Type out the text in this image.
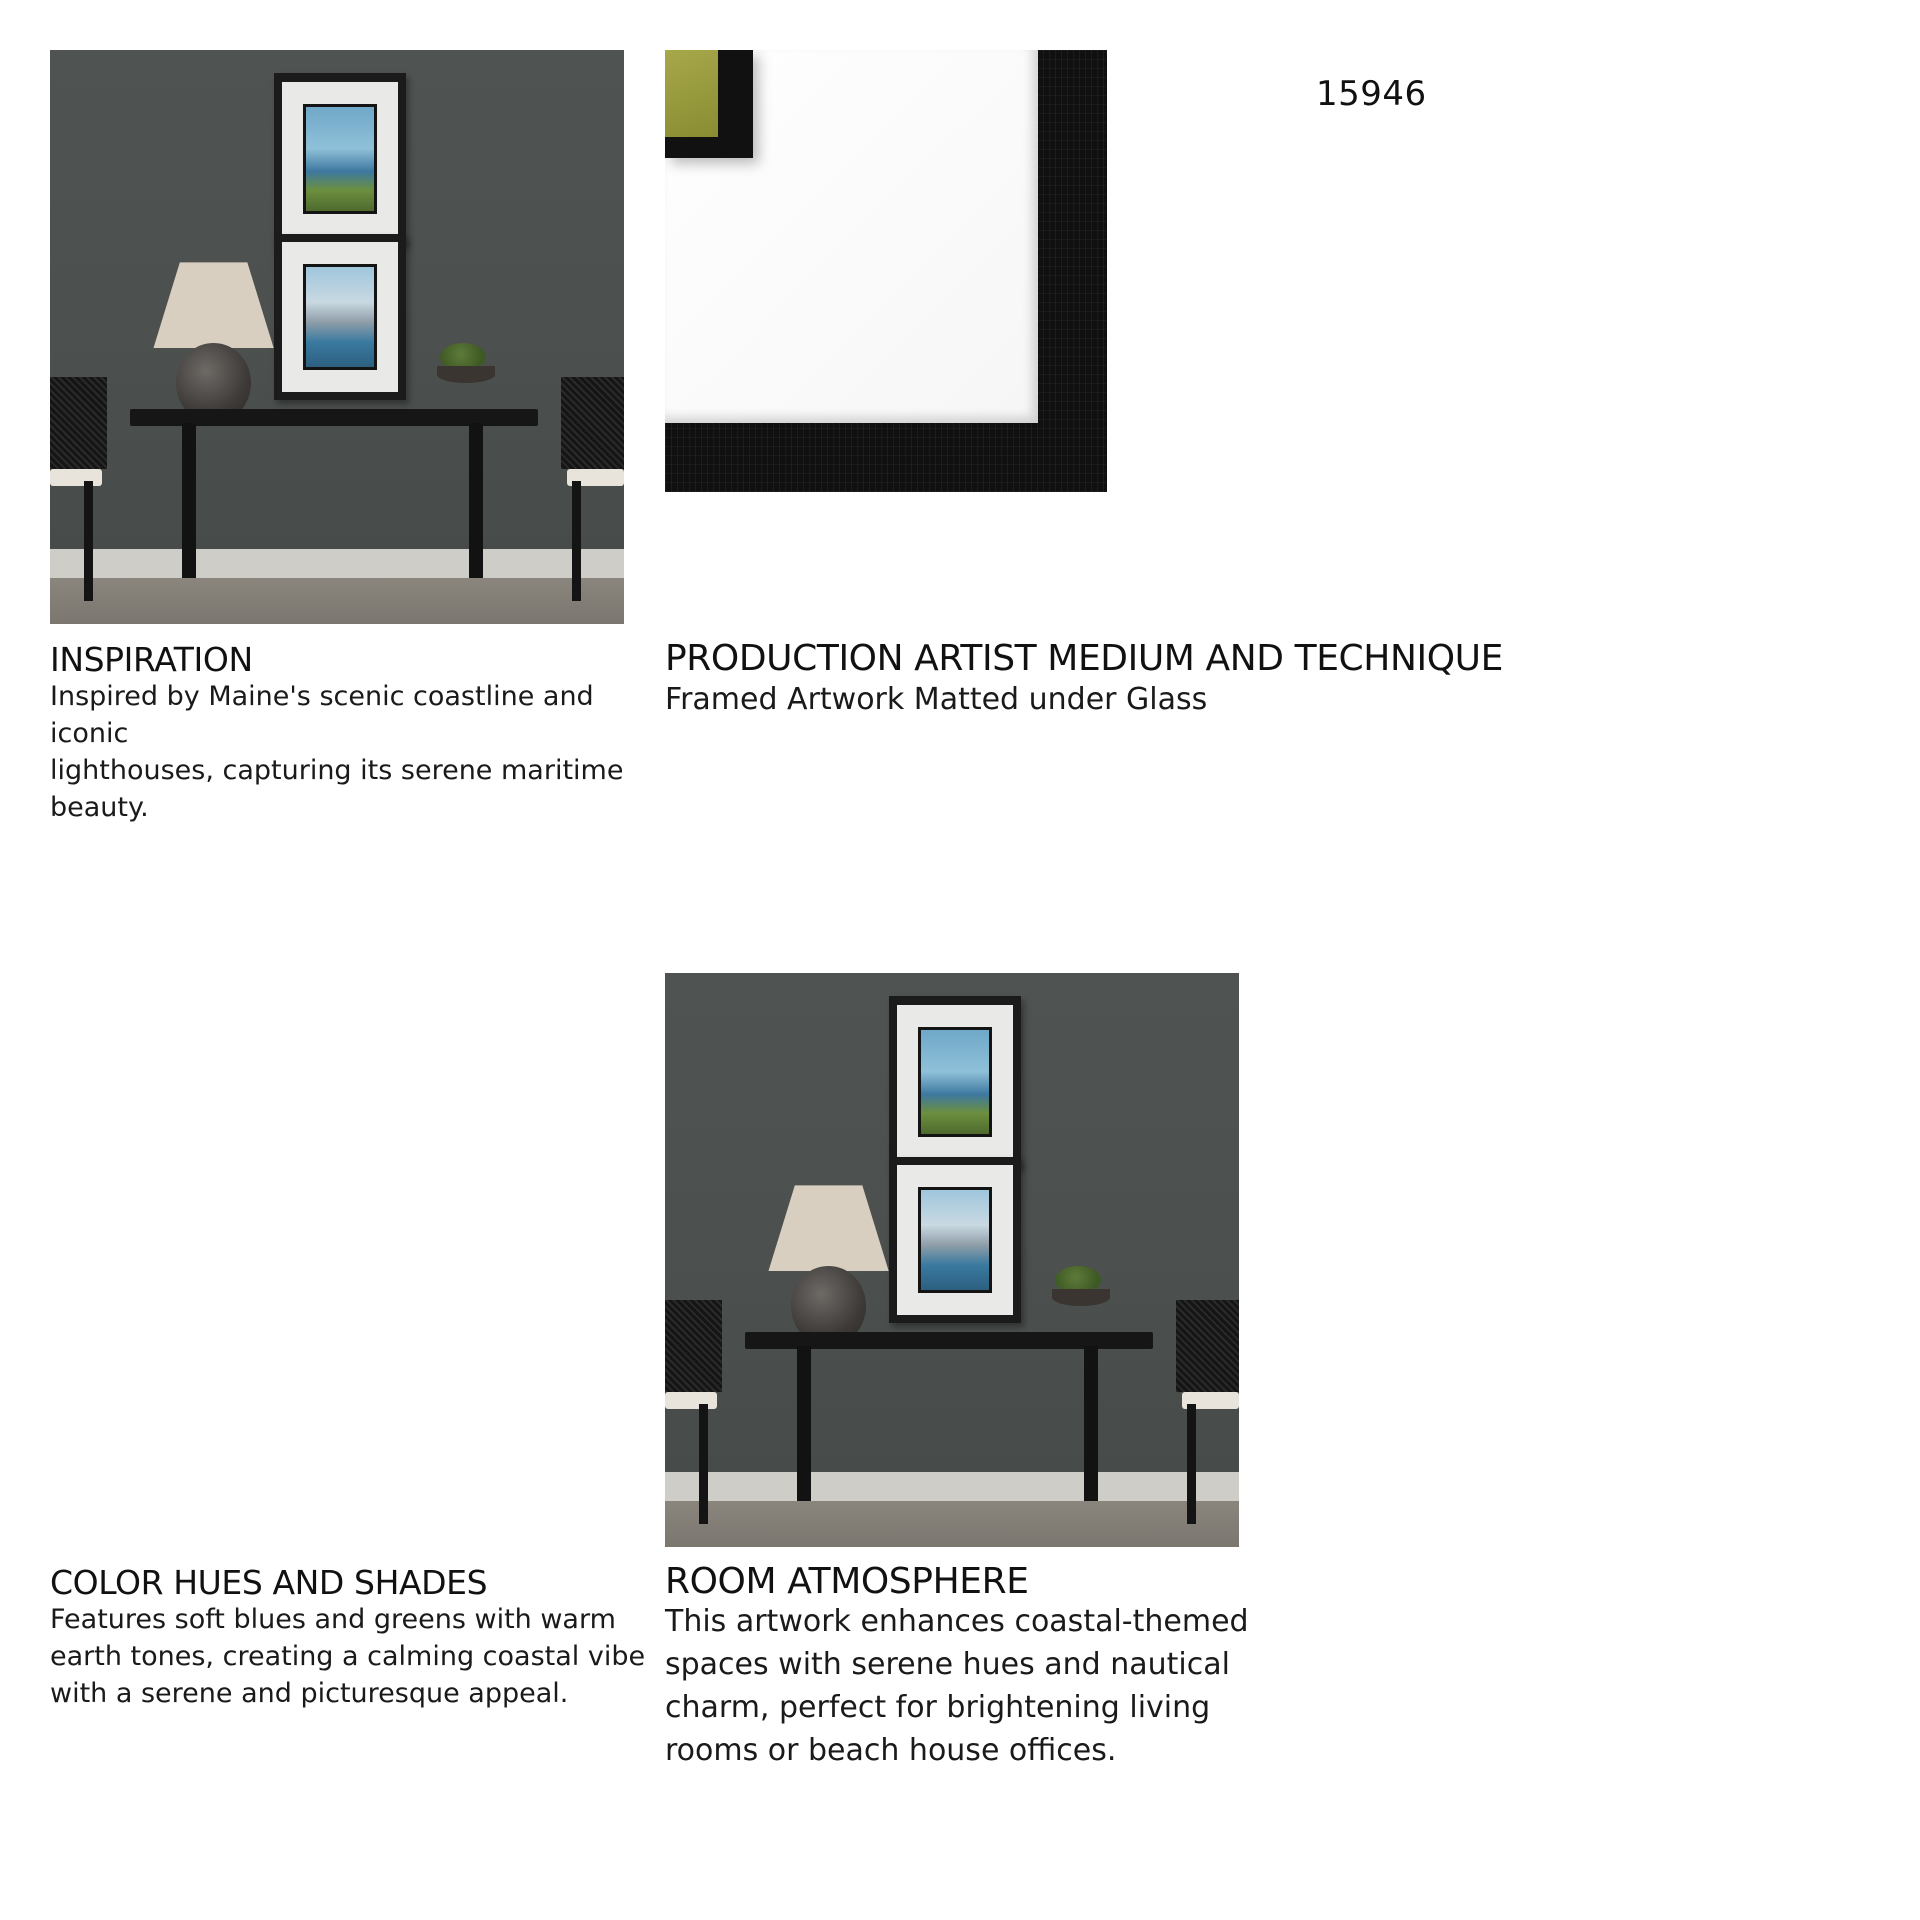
15946
INSPIRATION
Inspired by Maine's scenic coastline and iconic
lighthouses, capturing its serene maritime
beauty.
PRODUCTION ARTIST MEDIUM AND TECHNIQUE
Framed Artwork Matted under Glass
COLOR HUES AND SHADES
Features soft blues and greens with warm
earth tones, creating a calming coastal vibe
with a serene and picturesque appeal.
ROOM ATMOSPHERE
This artwork enhances coastal-themed
spaces with serene hues and nautical
charm, perfect for brightening living
rooms or beach house offices.
